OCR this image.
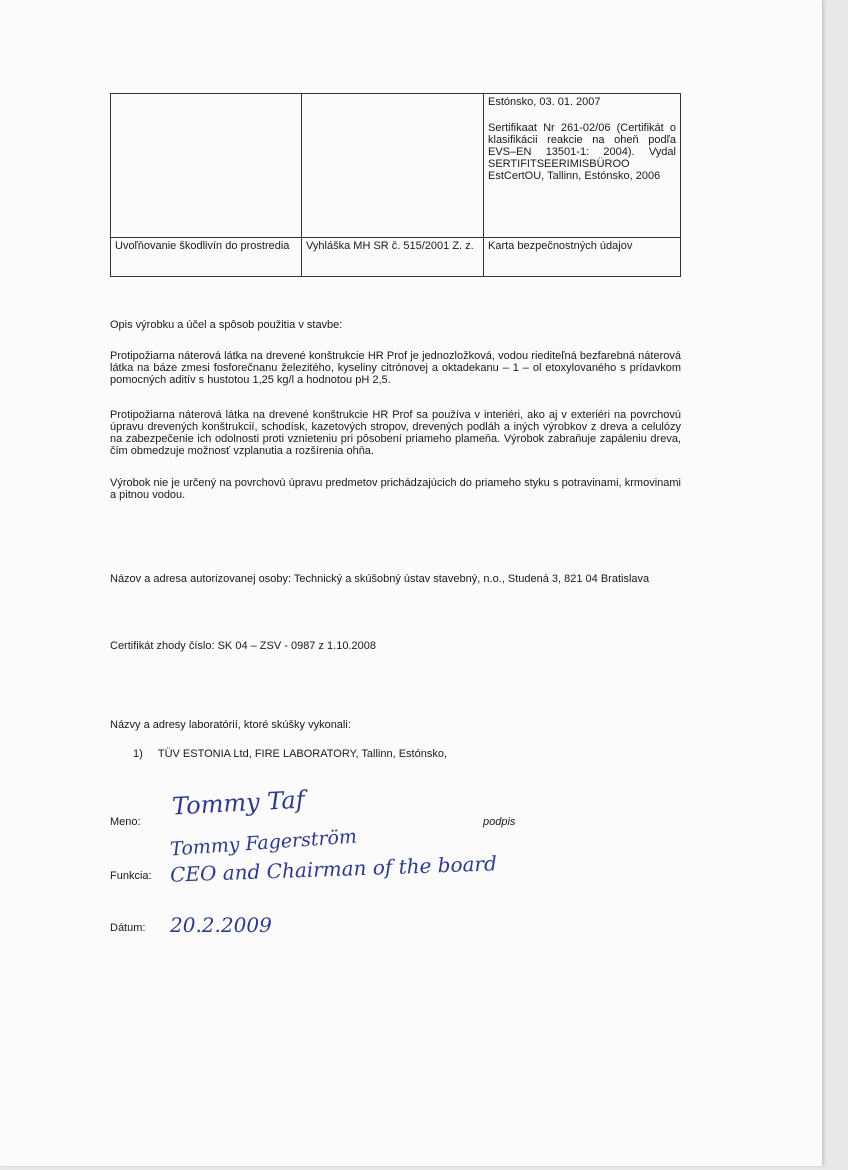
		Estónsko, 03. 01. 2007
Sertifikaat Nr 261-02/06 (Certifikát o klasifikácii reakcie na oheň podľa EVS–EN 13501-1: 2004). Vydal SERTIFITSEERIMISBÜROO EstCertOU, Tallinn, Estónsko, 2006

Uvoľňovanie škodlivín do prostredia	Vyhláška MH SR č. 515/2001 Z. z.	Karta bezpečnostných údajov
Opis výrobku a účel a spôsob použitia v stavbe:
Protipožiarna náterová látka na drevené konštrukcie HR Prof je jednozložková, vodou riediteľná bezfarebná náterová látka na báze zmesi fosforečnanu železitého, kyseliny citrónovej a oktadekanu – 1 – ol etoxylovaného s prídavkom pomocných aditív s hustotou 1,25 kg/l a hodnotou pH 2,5.
Protipožiarna náterová látka na drevené konštrukcie HR Prof sa používa v interiéri, ako aj v exteriéri na povrchovú úpravu drevených konštrukcií, schodísk, kazetových stropov, drevených podláh a iných výrobkov z dreva a celulózy na zabezpečenie ich odolnosti proti vznieteniu pri pôsobení priameho plameňa. Výrobok zabraňuje zapáleniu dreva, čím obmedzuje možnosť vzplanutia a rozšírenia ohňa.
Výrobok nie je určený na povrchovú úpravu predmetov prichádzajúcich do priameho styku s potravinami, krmovinami a pitnou vodou.
Názov a adresa autorizovanej osoby: Technický a skúšobný ústav stavebný, n.o., Studená 3, 821 04 Bratislava
Certifikát zhody číslo: SK 04 – ZSV - 0987 z 1.10.2008
Názvy a adresy laboratórií, ktoré skúšky vykonali:
1) TÜV ESTONIA Ltd, FIRE LABORATORY, Tallinn, Estónsko,
Meno:
Tommy Taf
Tommy Fagerström
podpis
Funkcia: CEO and Chairman of the board
Dátum: 20.2.2009
